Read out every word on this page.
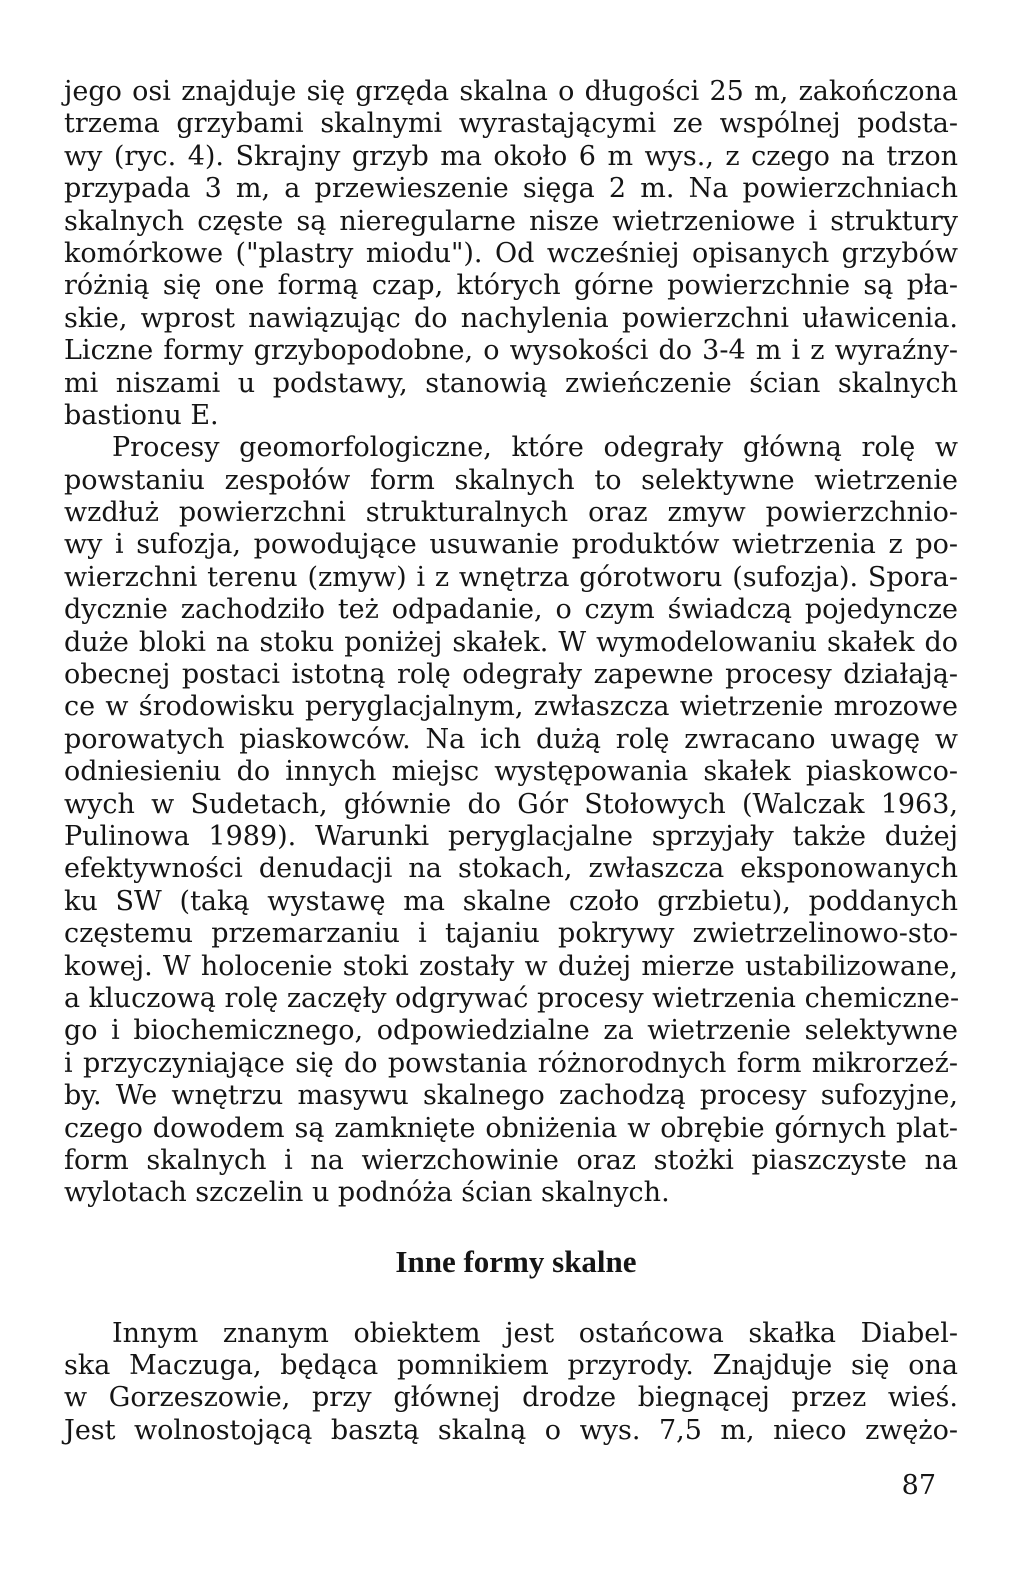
jego osi znajduje się grzęda skalna o długości 25 m, zakończona
trzema grzybami skalnymi wyrastającymi ze wspólnej podsta-
wy (ryc. 4). Skrajny grzyb ma około 6 m wys., z czego na trzon
przypada 3 m, a przewieszenie sięga 2 m. Na powierzchniach
skalnych częste są nieregularne nisze wietrzeniowe i struktury
komórkowe ("plastry miodu"). Od wcześniej opisanych grzybów
różnią się one formą czap, których górne powierzchnie są pła-
skie, wprost nawiązując do nachylenia powierzchni uławicenia.
Liczne formy grzybopodobne, o wysokości do 3-4 m i z wyraźny-
mi niszami u podstawy, stanowią zwieńczenie ścian skalnych
bastionu E.
Procesy geomorfologiczne, które odegrały główną rolę w
powstaniu zespołów form skalnych to selektywne wietrzenie
wzdłuż powierzchni strukturalnych oraz zmyw powierzchnio-
wy i sufozja, powodujące usuwanie produktów wietrzenia z po-
wierzchni terenu (zmyw) i z wnętrza górotworu (sufozja). Spora-
dycznie zachodziło też odpadanie, o czym świadczą pojedyncze
duże bloki na stoku poniżej skałek. W wymodelowaniu skałek do
obecnej postaci istotną rolę odegrały zapewne procesy działają-
ce w środowisku peryglacjalnym, zwłaszcza wietrzenie mrozowe
porowatych piaskowców. Na ich dużą rolę zwracano uwagę w
odniesieniu do innych miejsc występowania skałek piaskowco-
wych w Sudetach, głównie do Gór Stołowych (Walczak 1963,
Pulinowa 1989). Warunki peryglacjalne sprzyjały także dużej
efektywności denudacji na stokach, zwłaszcza eksponowanych
ku SW (taką wystawę ma skalne czoło grzbietu), poddanych
częstemu przemarzaniu i tajaniu pokrywy zwietrzelinowo-sto-
kowej. W holocenie stoki zostały w dużej mierze ustabilizowane,
a kluczową rolę zaczęły odgrywać procesy wietrzenia chemiczne-
go i biochemicznego, odpowiedzialne za wietrzenie selektywne
i przyczyniające się do powstania różnorodnych form mikrorzeź-
by. We wnętrzu masywu skalnego zachodzą procesy sufozyjne,
czego dowodem są zamknięte obniżenia w obrębie górnych plat-
form skalnych i na wierzchowinie oraz stożki piaszczyste na
wylotach szczelin u podnóża ścian skalnych.
Inne formy skalne
Innym znanym obiektem jest ostańcowa skałka Diabel-
ska Maczuga, będąca pomnikiem przyrody. Znajduje się ona
w Gorzeszowie, przy głównej drodze biegnącej przez wieś.
Jest wolnostojącą basztą skalną o wys. 7,5 m, nieco zwężo-
87
